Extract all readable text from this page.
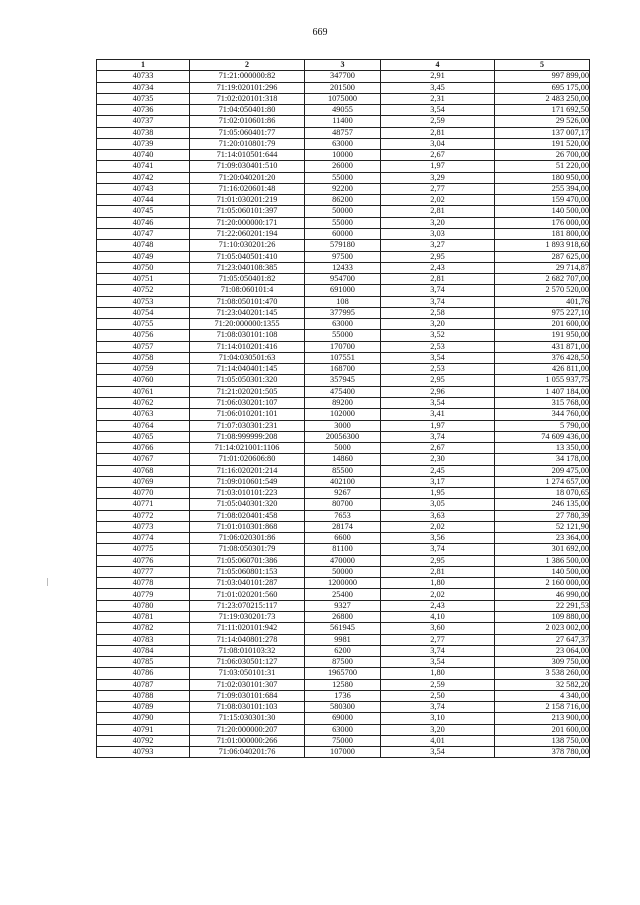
669
1	2	3	4	5
40733	71:21:000000:82	347700	2,91	997 899,00
40734	71:19:020101:296	201500	3,45	695 175,00
40735	71:02:020101:318	1075000	2,31	2 483 250,00
40736	71:04:050401:80	49055	3,54	171 692,50
40737	71:02:010601:86	11400	2,59	29 526,00
40738	71:05:060401:77	48757	2,81	137 007,17
40739	71:20:010801:79	63000	3,04	191 520,00
40740	71:14:010501:644	10000	2,67	26 700,00
40741	71:09:030401:510	26000	1,97	51 220,00
40742	71:20:040201:20	55000	3,29	180 950,00
40743	71:16:020601:48	92200	2,77	255 394,00
40744	71:01:030201:219	86200	2,02	159 470,00
40745	71:05:060101:397	50000	2,81	140 500,00
40746	71:20:000000:171	55000	3,20	176 000,00
40747	71:22:060201:194	60000	3,03	181 800,00
40748	71:10:030201:26	579180	3,27	1 893 918,60
40749	71:05:040501:410	97500	2,95	287 625,00
40750	71:23:040108:385	12433	2,43	29 714,87
40751	71:05:050401:82	954700	2,81	2 682 707,00
40752	71:08:060101:4	691000	3,74	2 570 520,00
40753	71:08:050101:470	108	3,74	401,76
40754	71:23:040201:145	377995	2,58	975 227,10
40755	71:20:000000:1355	63000	3,20	201 600,00
40756	71:08:030101:108	55000	3,52	191 950,00
40757	71:14:010201:416	170700	2,53	431 871,00
40758	71:04:030501:63	107551	3,54	376 428,50
40759	71:14:040401:145	168700	2,53	426 811,00
40760	71:05:050301:320	357945	2,95	1 055 937,75
40761	71:21:020201:505	475400	2,96	1 407 184,00
40762	71:06:030201:107	89200	3,54	315 768,00
40763	71:06:010201:101	102000	3,41	344 760,00
40764	71:07:030301:231	3000	1,97	5 790,00
40765	71:08:999999:208	20056300	3,74	74 609 436,00
40766	71:14:021001:1106	5000	2,67	13 350,00
40767	71:01:020606:80	14860	2,30	34 178,00
40768	71:16:020201:214	85500	2,45	209 475,00
40769	71:09:010601:549	402100	3,17	1 274 657,00
40770	71:03:010101:223	9267	1,95	18 070,65
40771	71:05:040301:320	80700	3,05	246 135,00
40772	71:08:020401:458	7653	3,63	27 780,39
40773	71:01:010301:868	28174	2,02	52 121,90
40774	71:06:020301:86	6600	3,56	23 364,00
40775	71:08:050301:79	81100	3,74	301 692,00
40776	71:05:060701:386	470000	2,95	1 386 500,00
40777	71:05:060801:153	50000	2,81	140 500,00
40778	71:03:040101:287	1200000	1,80	2 160 000,00
40779	71:01:020201:560	25400	2,02	46 990,00
40780	71:23:070215:117	9327	2,43	22 291,53
40781	71:19:030201:73	26800	4,10	109 880,00
40782	71:11:020101:942	561945	3,60	2 023 002,00
40783	71:14:040801:278	9981	2,77	27 647,37
40784	71:08:010103:32	6200	3,74	23 064,00
40785	71:06:030501:127	87500	3,54	309 750,00
40786	71:03:050101:31	1965700	1,80	3 538 260,00
40787	71:02:030101:307	12580	2,59	32 582,20
40788	71:09:030101:684	1736	2,50	4 340,00
40789	71:08:030101:103	580300	3,74	2 158 716,00
40790	71:15:030301:30	69000	3,10	213 900,00
40791	71:20:000000:207	63000	3,20	201 600,00
40792	71:01:000000:266	75000	4,01	138 750,00
40793	71:06:040201:76	107000	3,54	378 780,00
